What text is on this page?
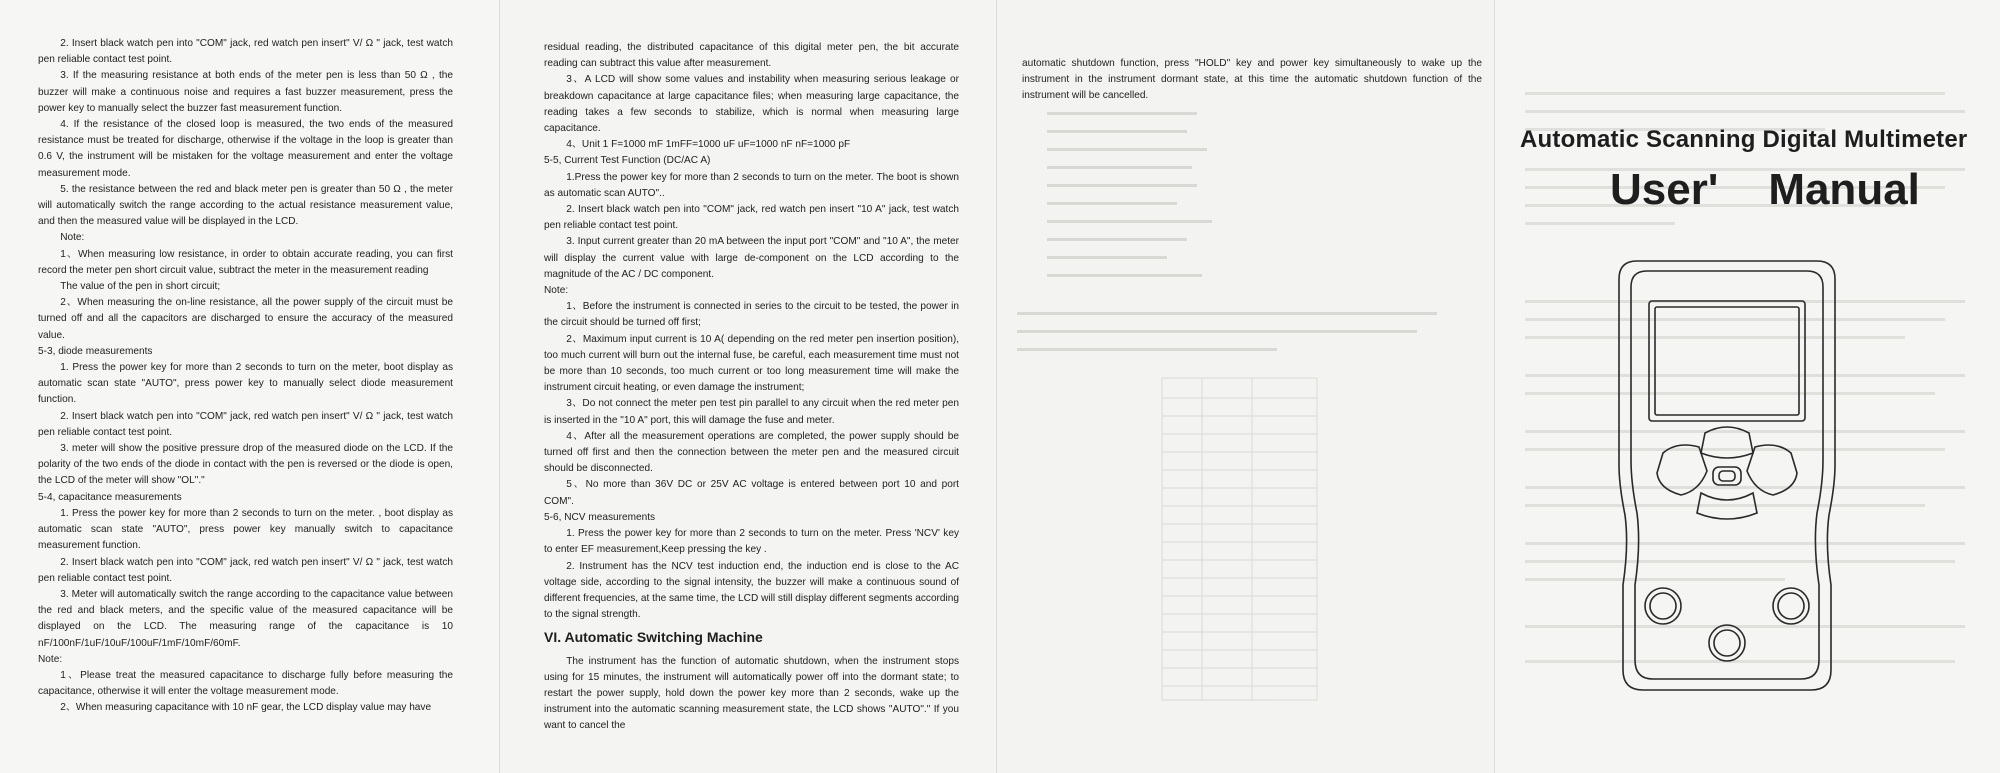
2. Insert black watch pen into "COM" jack, red watch pen insert" V/ Ω " jack, test watch pen reliable contact test point.

3. If the measuring resistance at both ends of the meter pen is less than 50 Ω , the buzzer will make a continuous noise and requires a fast buzzer measurement, press the power key to manually select the buzzer fast measurement function.

4. If the resistance of the closed loop is measured, the two ends of the measured resistance must be treated for discharge, otherwise if the voltage in the loop is greater than 0.6 V, the instrument will be mistaken for the voltage measurement and enter the voltage measurement mode.

5. the resistance between the red and black meter pen is greater than 50 Ω , the meter will automatically switch the range according to the actual resistance measurement value, and then the measured value will be displayed in the LCD.

Note:

1、When measuring low resistance, in order to obtain accurate reading, you can first record the meter pen short circuit value, subtract the meter in the measurement reading

The value of the pen in short circuit;

2、When measuring the on-line resistance, all the power supply of the circuit must be turned off and all the capacitors are discharged to ensure the accuracy of the measured value.

5-3, diode measurements

1. Press the power key for more than 2 seconds to turn on the meter, boot display as automatic scan state "AUTO", press power key to manually select diode measurement function.

2. Insert black watch pen into "COM" jack, red watch pen insert" V/ Ω " jack, test watch pen reliable contact test point.

3. meter will show the positive pressure drop of the measured diode on the LCD. If the polarity of the two ends of the diode in contact with the pen is reversed or the diode is open, the LCD of the meter will show "OL"."

5-4, capacitance measurements

1. Press the power key for more than 2 seconds to turn on the meter. , boot display as automatic scan state "AUTO", press power key manually switch to capacitance measurement function.

2. Insert black watch pen into "COM" jack, red watch pen insert" V/ Ω " jack, test watch pen reliable contact test point.

3. Meter will automatically switch the range according to the capacitance value between the red and black meters, and the specific value of the measured capacitance will be displayed on the LCD. The measuring range of the capacitance is 10 nF/100nF/1uF/10uF/100uF/1mF/10mF/60mF.

Note:

1、Please treat the measured capacitance to discharge fully before measuring the capacitance, otherwise it will enter the voltage measurement mode.

2、When measuring capacitance with 10 nF gear, the LCD display value may have

residual reading, the distributed capacitance of this digital meter pen, the bit accurate reading can subtract this value after measurement.

3、A LCD will show some values and instability when measuring serious leakage or breakdown capacitance at large capacitance files; when measuring large capacitance, the reading takes a few seconds to stabilize, which is normal when measuring large capacitance.

4、Unit 1 F=1000 mF 1mFF=1000 uF uF=1000 nF nF=1000 pF

5-5, Current Test Function (DC/AC A)

1.Press the power key for more than 2 seconds to turn on the meter. The boot is shown as automatic scan AUTO"..

2. Insert black watch pen into "COM" jack, red watch pen insert "10 A" jack, test watch pen reliable contact test point.

3. Input current greater than 20 mA between the input port "COM" and "10 A", the meter will display the current value with large de-component on the LCD according to the magnitude of the AC / DC component.

Note:

1、Before the instrument is connected in series to the circuit to be tested, the power in the circuit should be turned off first;

2、Maximum input current is 10 A( depending on the red meter pen insertion position), too much current will burn out the internal fuse, be careful, each measurement time must not be more than 10 seconds, too much current or too long measurement time will make the instrument circuit heating, or even damage the instrument;

3、Do not connect the meter pen test pin parallel to any circuit when the red meter pen is inserted in the "10 A" port, this will damage the fuse and meter.

4、After all the measurement operations are completed, the power supply should be turned off first and then the connection between the meter pen and the measured circuit should be disconnected.

5、No more than 36V DC or 25V AC voltage is entered between port 10 and port COM".

5-6, NCV measurements

1. Press the power key for more than 2 seconds to turn on the meter. Press 'NCV' key to enter EF measurement,Keep pressing the key .

2. Instrument has the NCV test induction end, the induction end is close to the AC voltage side, according to the signal intensity, the buzzer will make a continuous sound of different frequencies, at the same time, the LCD will still display different segments according to the signal strength.

VI. Automatic Switching Machine

The instrument has the function of automatic shutdown, when the instrument stops using for 15 minutes, the instrument will automatically power off into the dormant state; to restart the power supply, hold down the power key more than 2 seconds, wake up the instrument into the automatic scanning measurement state, the LCD shows "AUTO"." If you want to cancel the

automatic shutdown function, press "HOLD" key and power key simultaneously to wake up the instrument in the instrument dormant state, at this time the automatic shutdown function of the instrument will be cancelled.

Automatic Scanning Digital Multimeter
User' Manual
